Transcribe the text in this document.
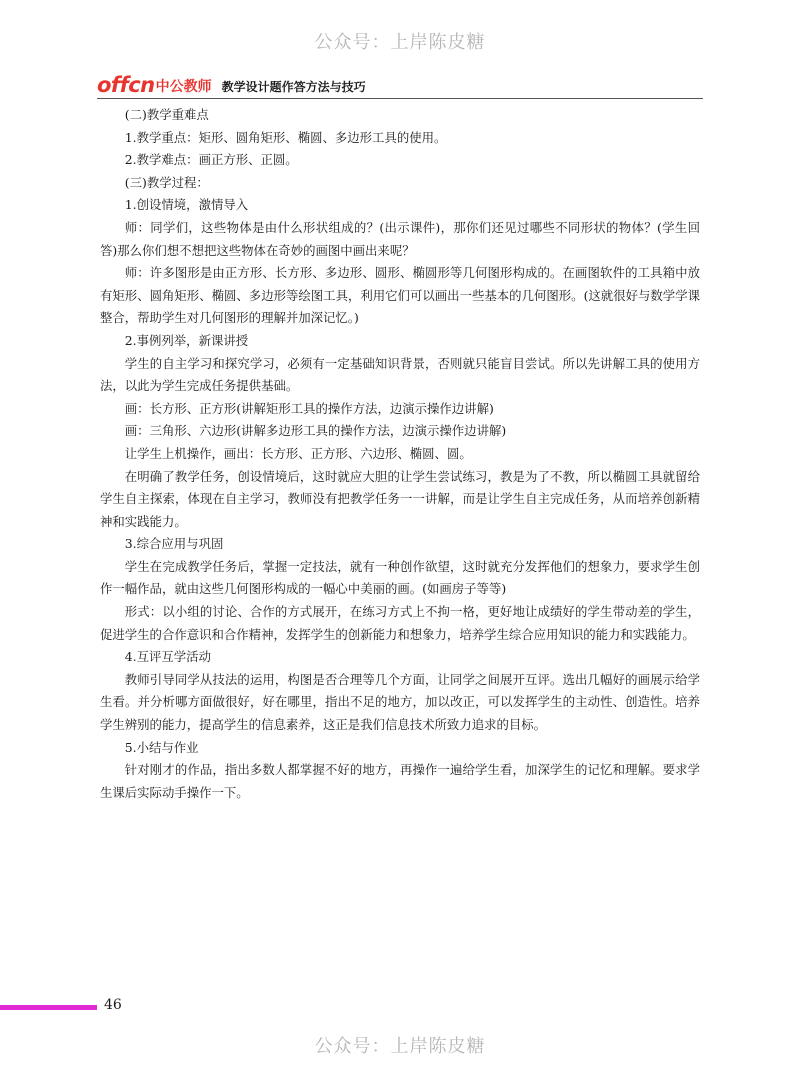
公众号：上岸陈皮糖
offcn 中公教师 教学设计题作答方法与技巧

(二)教学重难点

1.教学重点：矩形、圆角矩形、椭圆、多边形工具的使用。

2.教学难点：画正方形、正圆。

(三)教学过程：

1.创设情境，激情导入

师：同学们，这些物体是由什么形状组成的？(出示课件)，那你们还见过哪些不同形状的物体？(学生回答)那么你们想不想把这些物体在奇妙的画图中画出来呢？

师：许多图形是由正方形、长方形、多边形、圆形、椭圆形等几何图形构成的。在画图软件的工具箱中放有矩形、圆角矩形、椭圆、多边形等绘图工具，利用它们可以画出一些基本的几何图形。(这就很好与数学学课整合，帮助学生对几何图形的理解并加深记忆。)

2.事例列举，新课讲授

学生的自主学习和探究学习，必须有一定基础知识背景，否则就只能盲目尝试。所以先讲解工具的使用方法，以此为学生完成任务提供基础。

画：长方形、正方形(讲解矩形工具的操作方法，边演示操作边讲解)

画：三角形、六边形(讲解多边形工具的操作方法，边演示操作边讲解)

让学生上机操作，画出：长方形、正方形、六边形、椭圆、圆。

在明确了教学任务，创设情境后，这时就应大胆的让学生尝试练习，教是为了不教，所以椭圆工具就留给学生自主探索，体现在自主学习，教师没有把教学任务一一讲解，而是让学生自主完成任务，从而培养创新精神和实践能力。

3.综合应用与巩固

学生在完成教学任务后，掌握一定技法，就有一种创作欲望，这时就充分发挥他们的想象力，要求学生创作一幅作品，就由这些几何图形构成的一幅心中美丽的画。(如画房子等等)

形式：以小组的讨论、合作的方式展开，在练习方式上不拘一格，更好地让成绩好的学生带动差的学生，促进学生的合作意识和合作精神，发挥学生的创新能力和想象力，培养学生综合应用知识的能力和实践能力。

4.互评互学活动

教师引导同学从技法的运用，构图是否合理等几个方面，让同学之间展开互评。选出几幅好的画展示给学生看。并分析哪方面做很好，好在哪里，指出不足的地方，加以改正，可以发挥学生的主动性、创造性。培养学生辨别的能力，提高学生的信息素养，这正是我们信息技术所致力追求的目标。

5.小结与作业

针对刚才的作品，指出多数人都掌握不好的地方，再操作一遍给学生看，加深学生的记忆和理解。要求学生课后实际动手操作一下。

46
公众号：上岸陈皮糖
